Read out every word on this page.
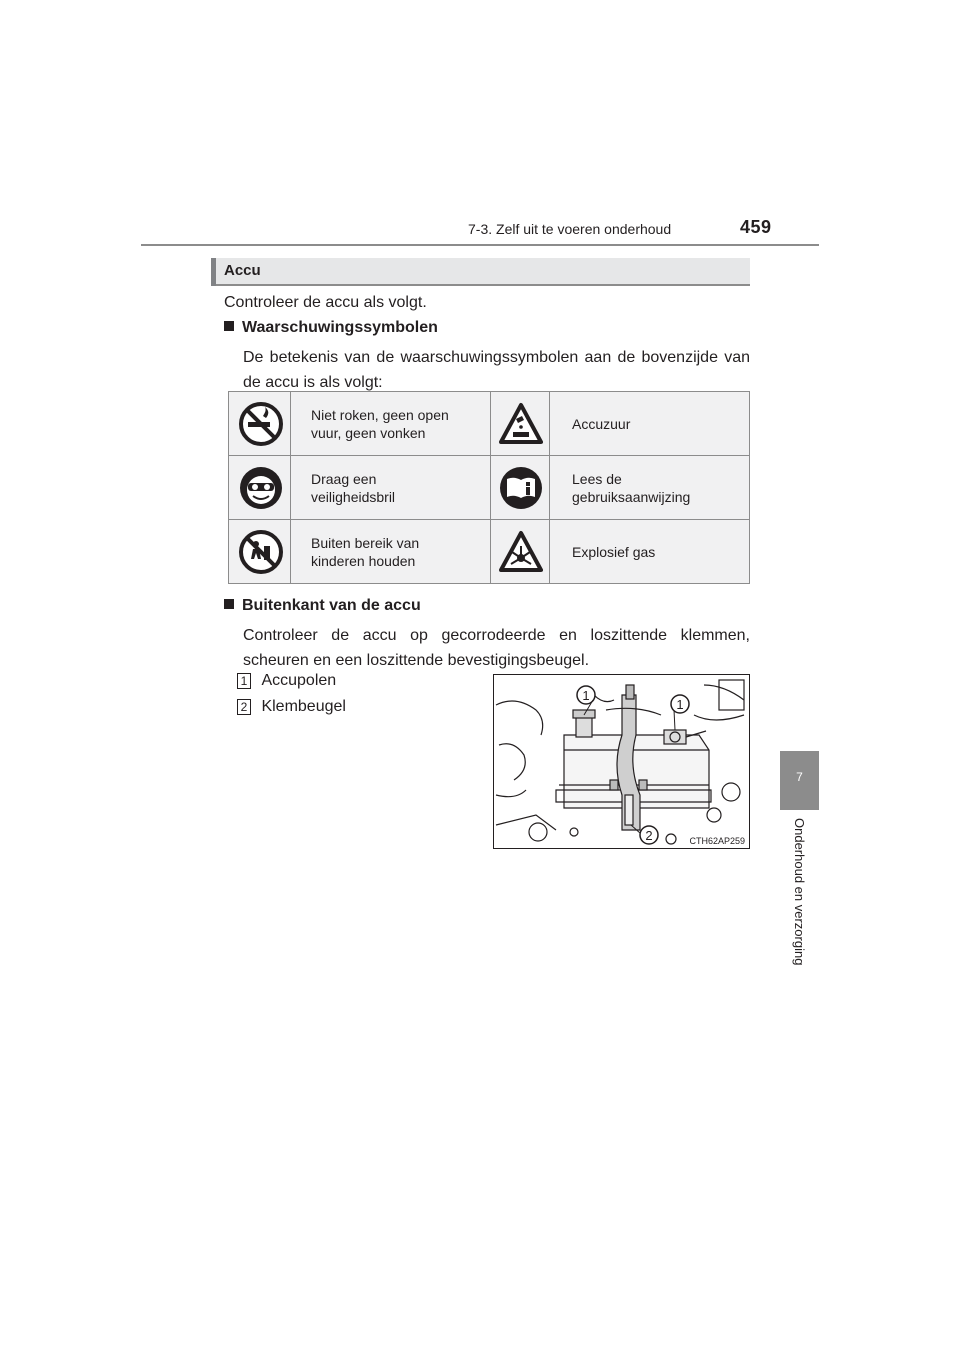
7-3. Zelf uit te voeren onderhoud	459
7
Onderhoud en verzorging
Accu
Controleer de accu als volgt.
Waarschuwingssymbolen
De betekenis van de waarschuwingssymbolen aan de bovenzijde van de accu is als volgt:
Niet roken, geen open
vuur, geen vonken
Accuzuur
Draag een
veiligheidsbril
Lees de
gebruiksaanwijzing
Buiten bereik van
kinderen houden
Explosief gas
Buitenkant van de accu
Controleer de accu op gecorrodeerde en loszittende klemmen, scheuren en een loszittende bevestigingsbeugel.
1 Accupolen
2 Klembeugel
1
1
2	CTH62AP259
